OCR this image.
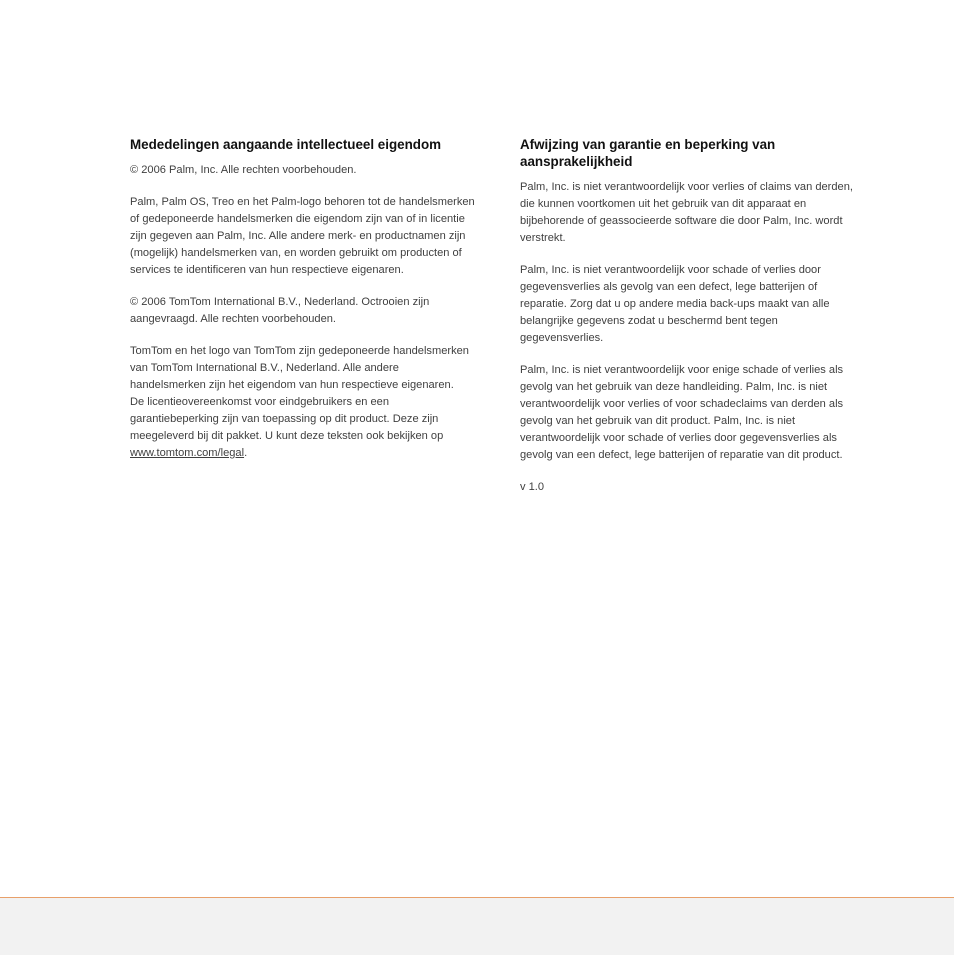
Mededelingen aangaande intellectueel eigendom

© 2006 Palm, Inc. Alle rechten voorbehouden.

Palm, Palm OS, Treo en het Palm-logo behoren tot de handelsmerken
of gedeponeerde handelsmerken die eigendom zijn van of in licentie
zijn gegeven aan Palm, Inc. Alle andere merk- en productnamen zijn
(mogelijk) handelsmerken van, en worden gebruikt om producten of
services te identificeren van hun respectieve eigenaren.

© 2006 TomTom International B.V., Nederland. Octrooien zijn
aangevraagd. Alle rechten voorbehouden.

TomTom en het logo van TomTom zijn gedeponeerde handelsmerken
van TomTom International B.V., Nederland. Alle andere
handelsmerken zijn het eigendom van hun respectieve eigenaren.
De licentieovereenkomst voor eindgebruikers en een
garantiebeperking zijn van toepassing op dit product. Deze zijn
meegeleverd bij dit pakket. U kunt deze teksten ook bekijken op
www.tomtom.com/legal.

Afwijzing van garantie en beperking van
aansprakelijkheid

Palm, Inc. is niet verantwoordelijk voor verlies of claims van derden,
die kunnen voortkomen uit het gebruik van dit apparaat en
bijbehorende of geassocieerde software die door Palm, Inc. wordt
verstrekt.

Palm, Inc. is niet verantwoordelijk voor schade of verlies door
gegevensverlies als gevolg van een defect, lege batterijen of
reparatie. Zorg dat u op andere media back-ups maakt van alle
belangrijke gegevens zodat u beschermd bent tegen
gegevensverlies.

Palm, Inc. is niet verantwoordelijk voor enige schade of verlies als
gevolg van het gebruik van deze handleiding. Palm, Inc. is niet
verantwoordelijk voor verlies of voor schadeclaims van derden als
gevolg van het gebruik van dit product. Palm, Inc. is niet
verantwoordelijk voor schade of verlies door gegevensverlies als
gevolg van een defect, lege batterijen of reparatie van dit product.

v 1.0
